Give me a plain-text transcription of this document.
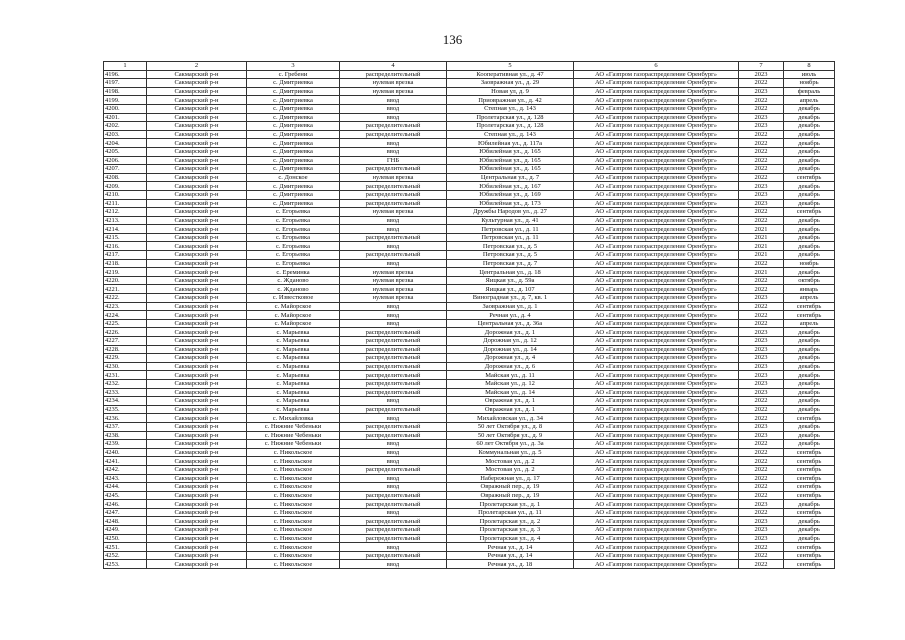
136
1	2	3	4	5	6	7	8
4196.	Сакмарский р-н	с. Гребени	распределительный	Кооперативная ул., д. 47	АО «Газпром газораспределение Оренбург»	2023	июль
4197.	Сакмарский р-н	с. Дмитриевка	нулевая врезка	Заовражная ул., д. 29	АО «Газпром газораспределение Оренбург»	2022	ноябрь
4198.	Сакмарский р-н	с. Дмитриевка	нулевая врезка	Новая ул, д. 9	АО «Газпром газораспределение Оренбург»	2023	февраль
4199.	Сакмарский р-н	с. Дмитриевка	ввод	Приовражная ул., д. 42	АО «Газпром газораспределение Оренбург»	2022	апрель
4200.	Сакмарский р-н	с. Дмитриевка	ввод	Степная ул., д. 143	АО «Газпром газораспределение Оренбург»	2022	декабрь
4201.	Сакмарский р-н	с. Дмитриевка	ввод	Пролетарская ул., д. 128	АО «Газпром газораспределение Оренбург»	2023	декабрь
4202.	Сакмарский р-н	с. Дмитриевка	распределительный	Пролетарская ул., д. 128	АО «Газпром газораспределение Оренбург»	2023	декабрь
4203.	Сакмарский р-н	с. Дмитриевка	распределительный	Степная ул., д. 143	АО «Газпром газораспределение Оренбург»	2022	декабрь
4204.	Сакмарский р-н	с. Дмитриевка	ввод	Юбилейная ул., д. 117а	АО «Газпром газораспределение Оренбург»	2022	декабрь
4205.	Сакмарский р-н	с. Дмитриевка	ввод	Юбилейная ул., д. 165	АО «Газпром газораспределение Оренбург»	2022	декабрь
4206.	Сакмарский р-н	с. Дмитриевка	ГНБ	Юбилейная ул., д. 165	АО «Газпром газораспределение Оренбург»	2022	декабрь
4207.	Сакмарский р-н	с. Дмитриевка	распределительный	Юбилейная ул., д. 165	АО «Газпром газораспределение Оренбург»	2022	декабрь
4208.	Сакмарский р-н	с. Донское	нулевая врезка	Центральная ул., д. 7	АО «Газпром газораспределение Оренбург»	2022	сентябрь
4209.	Сакмарский р-н	с. Дмитриевка	распределительный	Юбилейная ул., д. 167	АО «Газпром газораспределение Оренбург»	2023	декабрь
4210.	Сакмарский р-н	с. Дмитриевка	распределительный	Юбилейная ул., д. 169	АО «Газпром газораспределение Оренбург»	2023	декабрь
4211.	Сакмарский р-н	с. Дмитриевка	распределительный	Юбилейная ул., д. 173	АО «Газпром газораспределение Оренбург»	2023	декабрь
4212.	Сакмарский р-н	с. Егорьевка	нулевая врезка	Дружбы Народов ул., д. 27	АО «Газпром газораспределение Оренбург»	2022	сентябрь
4213.	Сакмарский р-н	с. Егорьевка	ввод	Культурная ул., д. 41	АО «Газпром газораспределение Оренбург»	2022	декабрь
4214.	Сакмарский р-н	с. Егорьевка	ввод	Петровская ул., д. 11	АО «Газпром газораспределение Оренбург»	2021	декабрь
4215.	Сакмарский р-н	с. Егорьевка	распределительный	Петровская ул., д. 11	АО «Газпром газораспределение Оренбург»	2021	декабрь
4216.	Сакмарский р-н	с. Егорьевка	ввод	Петровская ул., д. 5	АО «Газпром газораспределение Оренбург»	2021	декабрь
4217.	Сакмарский р-н	с. Егорьевка	распределительный	Петровская ул., д. 5	АО «Газпром газораспределение Оренбург»	2021	декабрь
4218.	Сакмарский р-н	с. Егорьевка	ввод	Петровская ул., д. 7	АО «Газпром газораспределение Оренбург»	2022	ноябрь
4219.	Сакмарский р-н	с. Ереминка	нулевая врезка	Центральная ул., д. 18	АО «Газпром газораспределение Оренбург»	2021	декабрь
4220.	Сакмарский р-н	с. Жданово	нулевая врезка	Яицкая ул., д. 59а	АО «Газпром газораспределение Оренбург»	2022	октябрь
4221.	Сакмарский р-н	с. Жданово	нулевая врезка	Яицкая ул., д. 107	АО «Газпром газораспределение Оренбург»	2022	январь
4222.	Сакмарский р-н	с. Известковое	нулевая врезка	Виноградная ул., д. 7, кв. 1	АО «Газпром газораспределение Оренбург»	2023	апрель
4223.	Сакмарский р-н	с. Майорское	ввод	Заовражная ул., д. 1	АО «Газпром газораспределение Оренбург»	2022	сентябрь
4224.	Сакмарский р-н	с. Майорское	ввод	Речная ул., д. 4	АО «Газпром газораспределение Оренбург»	2022	сентябрь
4225.	Сакмарский р-н	с. Майорское	ввод	Центральная ул., д. 36а	АО «Газпром газораспределение Оренбург»	2022	апрель
4226.	Сакмарский р-н	с. Марьевка	распределительный	Дорожная ул., д. 1	АО «Газпром газораспределение Оренбург»	2023	декабрь
4227.	Сакмарский р-н	с. Марьевка	распределительный	Дорожная ул., д. 12	АО «Газпром газораспределение Оренбург»	2023	декабрь
4228.	Сакмарский р-н	с. Марьевка	распределительный	Дорожная ул., д. 14	АО «Газпром газораспределение Оренбург»	2023	декабрь
4229.	Сакмарский р-н	с. Марьевка	распределительный	Дорожная ул., д. 4	АО «Газпром газораспределение Оренбург»	2023	декабрь
4230.	Сакмарский р-н	с. Марьевка	распределительный	Дорожная ул., д. 6	АО «Газпром газораспределение Оренбург»	2023	декабрь
4231.	Сакмарский р-н	с. Марьевка	распределительный	Майская ул., д. 11	АО «Газпром газораспределение Оренбург»	2023	декабрь
4232.	Сакмарский р-н	с. Марьевка	распределительный	Майская ул., д. 12	АО «Газпром газораспределение Оренбург»	2023	декабрь
4233.	Сакмарский р-н	с. Марьевка	распределительный	Майская ул., д. 14	АО «Газпром газораспределение Оренбург»	2023	декабрь
4234.	Сакмарский р-н	с. Марьевка	ввод	Овражная ул., д. 1	АО «Газпром газораспределение Оренбург»	2022	декабрь
4235.	Сакмарский р-н	с. Марьевка	распределительный	Овражная ул., д. 1	АО «Газпром газораспределение Оренбург»	2022	декабрь
4236.	Сакмарский р-н	с. Михайловка	ввод	Михайловская ул., д. 34	АО «Газпром газораспределение Оренбург»	2022	сентябрь
4237.	Сакмарский р-н	с. Нижние Чебеньки	распределительный	50 лет Октября ул., д. 8	АО «Газпром газораспределение Оренбург»	2023	декабрь
4238.	Сакмарский р-н	с. Нижние Чебеньки	распределительный	50 лет Октября ул., д. 9	АО «Газпром газораспределение Оренбург»	2023	декабрь
4239.	Сакмарский р-н	с. Нижние Чебеньки	ввод	60 лет Октября ул., д. 3а	АО «Газпром газораспределение Оренбург»	2022	декабрь
4240.	Сакмарский р-н	с. Никольское	ввод	Коммунальная ул., д. 5	АО «Газпром газораспределение Оренбург»	2022	сентябрь
4241.	Сакмарский р-н	с. Никольское	ввод	Мостовая ул., д. 2	АО «Газпром газораспределение Оренбург»	2022	сентябрь
4242.	Сакмарский р-н	с. Никольское	распределительный	Мостовая ул., д. 2	АО «Газпром газораспределение Оренбург»	2022	сентябрь
4243.	Сакмарский р-н	с. Никольское	ввод	Набережная ул., д. 17	АО «Газпром газораспределение Оренбург»	2022	сентябрь
4244.	Сакмарский р-н	с. Никольское	ввод	Овражный пер., д. 19	АО «Газпром газораспределение Оренбург»	2022	сентябрь
4245.	Сакмарский р-н	с. Никольское	распределительный	Овражный пер., д. 19	АО «Газпром газораспределение Оренбург»	2022	сентябрь
4246.	Сакмарский р-н	с. Никольское	распределительный	Пролетарская ул., д. 1	АО «Газпром газораспределение Оренбург»	2023	декабрь
4247.	Сакмарский р-н	с. Никольское	ввод	Пролетарская ул., д. 11	АО «Газпром газораспределение Оренбург»	2022	сентябрь
4248.	Сакмарский р-н	с. Никольское	распределительный	Пролетарская ул., д. 2	АО «Газпром газораспределение Оренбург»	2023	декабрь
4249.	Сакмарский р-н	с. Никольское	распределительный	Пролетарская ул., д. 3	АО «Газпром газораспределение Оренбург»	2023	декабрь
4250.	Сакмарский р-н	с. Никольское	распределительный	Пролетарская ул., д. 4	АО «Газпром газораспределение Оренбург»	2023	декабрь
4251.	Сакмарский р-н	с. Никольское	ввод	Речная ул., д. 14	АО «Газпром газораспределение Оренбург»	2022	сентябрь
4252.	Сакмарский р-н	с. Никольское	распределительный	Речная ул., д. 14	АО «Газпром газораспределение Оренбург»	2022	сентябрь
4253.	Сакмарский р-н	с. Никольское	ввод	Речная ул., д. 18	АО «Газпром газораспределение Оренбург»	2022	сентябрь
